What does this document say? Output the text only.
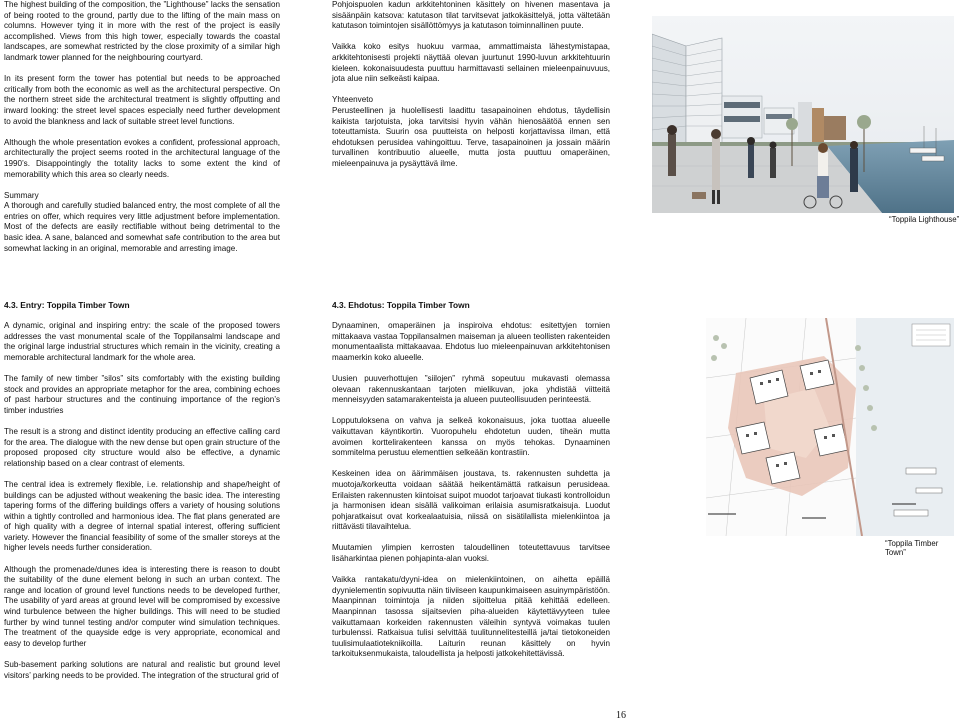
The highest building of the composition, the ”Lighthouse” lacks the sensation of being rooted to the ground, partly due to the lifting of the main mass on columns. However tying it in more with the rest of the project is easily accomplished. Views from this high tower, especially towards the coastal landscapes, are somewhat restricted by the close proximity of a similar high landmark tower planned for the neighbouring courtyard.

In its present form the tower has potential but needs to be approached critically from both the economic as well as the architectural perspective. On the northern street side the architectural treatment is slightly offputting and inward looking: the street level spaces especially need further development to avoid the blankness and lack of suitable street level functions.

Although the whole presentation evokes a confident, professional approach, architecturally the project seems rooted in the architectural language of the 1990’s. Disappointingly the totality lacks to some extent the kind of memorability which this area so clearly needs.

Summary

A thorough and carefully studied balanced entry, the most complete of all the entries on offer, which requires very little adjustment before implementation. Most of the defects are easily rectifiable without being detrimental to the basic idea. A sane, balanced and somewhat safe contribution to the area but somewhat lacking in an original, memorable and arresting image.

Pohjoispuolen kadun arkkitehtoninen käsittely on hivenen masentava ja sisäänpäin katsova: katutason tilat tarvitsevat jatkokäsittelyä, jotta vältetään katutason toimintojen sisällöttömyys ja katutason toiminnallinen puute.

Vaikka koko esitys huokuu varmaa, ammattimaista lähestymistapaa, arkkitehtonisesti projekti näyttää olevan juurtunut 1990-luvun arkkitehtuurin kieleen. kokonaisuudesta puuttuu harmittavasti sellainen mieleenpainuvuus, jota alue niin selkeästi kaipaa.

Yhteenveto

Perusteellinen ja huolellisesti laadittu tasapainoinen ehdotus, täydellisin kaikista tarjotuista, joka tarvitsisi hyvin vähän hienosäätöä ennen sen toteuttamista. Suurin osa puutteista on helposti korjattavissa ilman, että ehdotuksen perusidea vahingoittuu. Terve, tasapainoinen ja jossain määrin turvallinen kontribuutio alueelle, mutta josta puuttuu omaperäinen, mieleenpainuva ja pysäyttävä ilme.

“Toppila Lighthouse”
4.3. Entry: Toppila Timber Town	4.3. Ehdotus: Toppila Timber Town

A dynamic, original and inspiring entry: the scale of the proposed towers addresses the vast monumental scale of the Toppilansalmi landscape and the original large industrial structures which remain in the vicinity, creating a memorable architectural landmark for the whole area.

The family of new timber ”silos” sits comfortably with the existing building stock and provides an appropriate metaphor for the area, combining echoes of past harbour structures and the continuing importance of the region’s timber industries

The result is a strong and distinct identity producing an effective calling card for the area. The dialogue with the new dense but open grain structure of the proposed proposed city structure would also be effective, a dynamic relationship based on a clear contrast of elements.

The central idea is extremely flexible, i.e. relationship and shape/height of buildings can be adjusted without weakening the basic idea. The interesting tapering forms of the differing buildings offers a variety of housing solutions within a tightly controlled and harmonious idea. The flat plans generated are of high quality with a degree of internal spatial interest, offering sufficient variety. However the financial feasibility of some of the smaller storeys at the higher levels needs further consideration.

Although the promenade/dunes idea is interesting there is reason to doubt the suitability of the dune element belong in such an urban context. The range and location of ground level functions needs to be developed further, The usability of yard areas at ground level will be compromised by excessive wind turbulence between the higher buildings. This will need to be studied further by wind tunnel testing and/or computer wind simulation techniques. The treatment of the quayside edge is very appropriate, economical and easy to develop further

Sub-basement parking solutions are natural and realistic but ground level visitors’ parking needs to be provided. The integration of the structural grid of

Dynaaminen, omaperäinen ja inspiroiva ehdotus: esitettyjen tornien mittakaava vastaa Toppilansalmen maiseman ja alueen teollisten rakenteiden monumentaalista mittakaavaa. Ehdotus luo mieleenpainuvan arkkitehtonisen maamerkin koko alueelle.

Uusien puuverhottujen ”siilojen” ryhmä sopeutuu mukavasti olemassa olevaan rakennuskantaan tarjoten mielikuvan, joka yhdistää viitteitä menneisyyden satamarakenteista ja alueen puuteollisuuden perinteestä.

Lopputuloksena on vahva ja selkeä kokonaisuus, joka tuottaa alueelle vaikuttavan käyntikortin. Vuoropuhelu ehdotetun uuden, tiheän mutta avoimen korttelirakenteen kanssa on myös tehokas. Dynaaminen sommitelma perustuu elementtien selkeään kontrastiin.

Keskeinen idea on äärimmäisen joustava, ts. rakennusten suhdetta ja muotoja/korkeutta voidaan säätää heikentämättä ratkaisun perusideaa. Erilaisten rakennusten kiintoisat suipot muodot tarjoavat tiukasti kontrolloidun ja harmonisen idean sisällä valikoiman erilaisia asumisratkaisuja. Luodut pohjaratkaisut ovat korkealaatuisia, niissä on sisätilallista mielenkiintoa ja riittävästi tilavaihtelua.

Muutamien ylimpien kerrosten taloudellinen toteutettavuus tarvitsee lisäharkintaa pienen pohjapinta-alan vuoksi.

Vaikka rantakatu/dyyni-idea on mielenkiintoinen, on aihetta epäillä dyynielementin sopivuutta näin tiiviiseen kaupunkimaiseen asuinympäristöön. Maanpinnan toimintoja ja niiden sijoittelua pitää kehittää edelleen. Maanpinnan tasossa sijaitsevien piha-alueiden käytettävyyteen tulee vaikuttamaan korkeiden rakennusten väleihin syntyvä voimakas tuulen turbulenssi. Ratkaisua tulisi selvittää tuulitunnelitesteillä ja/tai tietokoneiden tuulisimulaatiotekniikoilla. Laiturin reunan käsittely on hyvin tarkoituksenmukaista, taloudellista ja helposti jatkokehitettävissä.

“Toppila Timber Town”
16
